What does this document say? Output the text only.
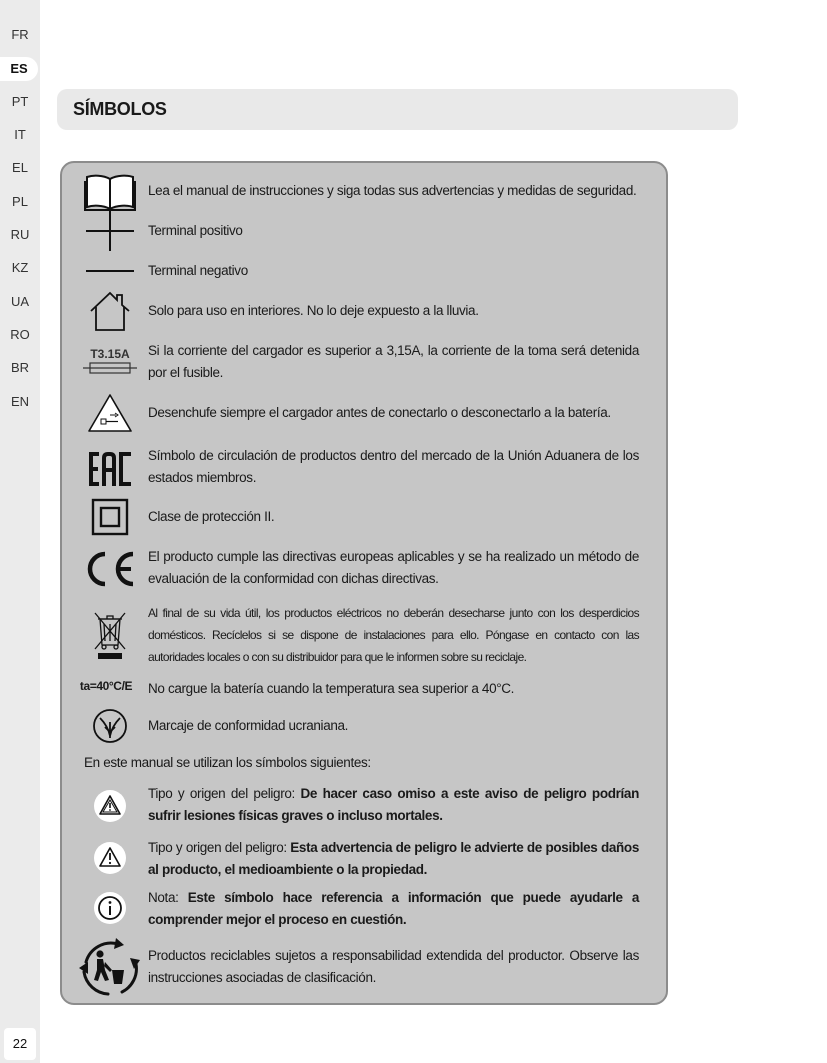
FR
ES
PT
IT
EL
PL
RU
KZ
UA
RO
BR
EN
22
SÍMBOLOS
Lea el manual de instrucciones y siga todas sus advertencias y medidas de seguridad.
Terminal positivo
Terminal negativo
Solo para uso en interiores. No lo deje expuesto a la lluvia.
T3.15A Si la corriente del cargador es superior a 3,15A, la corriente de la toma será detenida por el fusible.
Desenchufe siempre el cargador antes de conectarlo o desconectarlo a la batería.
Símbolo de circulación de productos dentro del mercado de la Unión Aduanera de los estados miembros.
Clase de protección II.
El producto cumple las directivas europeas aplicables y se ha realizado un método de evaluación de la conformidad con dichas directivas.
Al final de su vida útil, los productos eléctricos no deberán desecharse junto con los desperdicios domésticos. Recíclelos si se dispone de instalaciones para ello. Póngase en contacto con las autoridades locales o con su distribuidor para que le informen sobre su reciclaje.
ta=40°C/E No cargue la batería cuando la temperatura sea superior a 40°C.
Marcaje de conformidad ucraniana.
En este manual se utilizan los símbolos siguientes:
Tipo y origen del peligro: De hacer caso omiso a este aviso de peligro podrían sufrir lesiones físicas graves o incluso mortales.
Tipo y origen del peligro: Esta advertencia de peligro le advierte de posibles daños al producto, el medioambiente o la propiedad.
Nota: Este símbolo hace referencia a información que puede ayudarle a comprender mejor el proceso en cuestión.
Productos reciclables sujetos a responsabilidad extendida del productor. Observe las instrucciones asociadas de clasificación.
